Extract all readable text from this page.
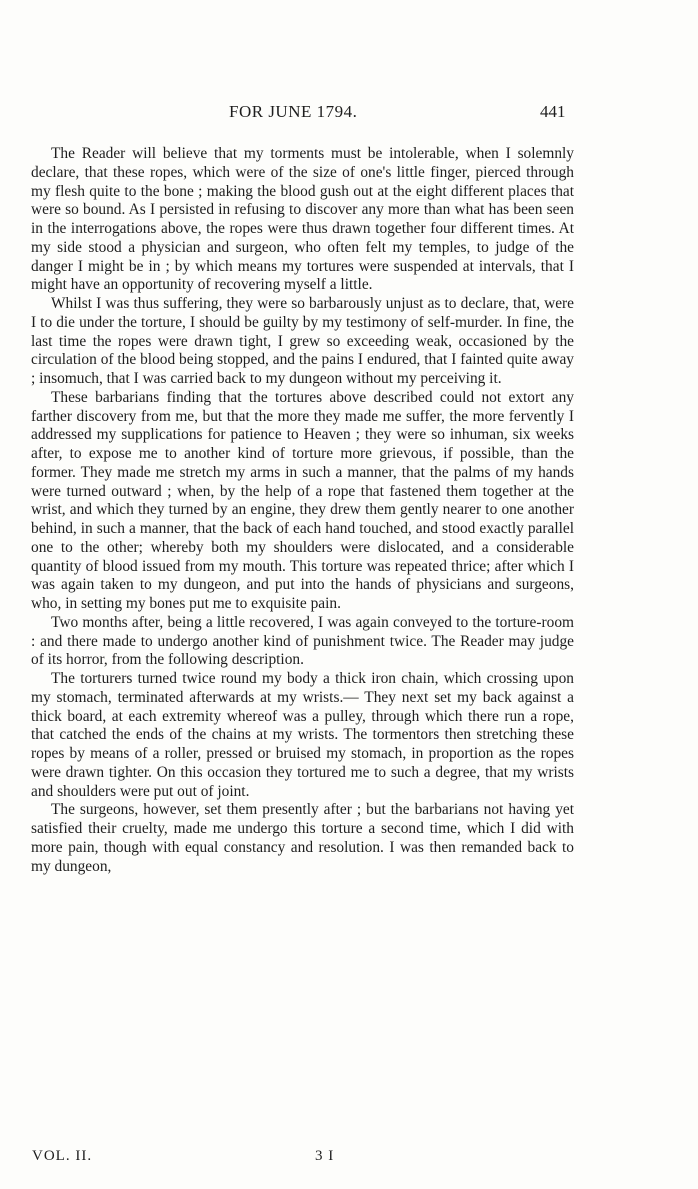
FOR JUNE 1794.	441

The Reader will believe that my torments must be intolerable, when I solemnly declare, that these ropes, which were of the size of one's little finger, pierced through my flesh quite to the bone ; making the blood gush out at the eight different places that were so bound. As I persisted in refusing to discover any more than what has been seen in the interrogations above, the ropes were thus drawn together four different times. At my side stood a physician and surgeon, who often felt my temples, to judge of the danger I might be in ; by which means my tortures were suspended at intervals, that I might have an opportunity of recovering myself a little.

Whilst I was thus suffering, they were so barbarously unjust as to declare, that, were I to die under the torture, I should be guilty by my testimony of self-murder. In fine, the last time the ropes were drawn tight, I grew so exceeding weak, occasioned by the circulation of the blood being stopped, and the pains I endured, that I fainted quite away ; insomuch, that I was carried back to my dungeon without my perceiving it.

These barbarians finding that the tortures above described could not extort any farther discovery from me, but that the more they made me suffer, the more fervently I addressed my supplications for patience to Heaven ; they were so inhuman, six weeks after, to expose me to another kind of torture more grievous, if possible, than the former. They made me stretch my arms in such a manner, that the palms of my hands were turned outward ; when, by the help of a rope that fastened them together at the wrist, and which they turned by an engine, they drew them gently nearer to one another behind, in such a manner, that the back of each hand touched, and stood exactly parallel one to the other; whereby both my shoulders were dislocated, and a considerable quantity of blood issued from my mouth. This torture was repeated thrice; after which I was again taken to my dungeon, and put into the hands of physicians and surgeons, who, in setting my bones put me to exquisite pain.

Two months after, being a little recovered, I was again conveyed to the torture-room : and there made to undergo another kind of punishment twice. The Reader may judge of its horror, from the following description.

The torturers turned twice round my body a thick iron chain, which crossing upon my stomach, terminated afterwards at my wrists.— They next set my back against a thick board, at each extremity whereof was a pulley, through which there run a rope, that catched the ends of the chains at my wrists. The tormentors then stretching these ropes by means of a roller, pressed or bruised my stomach, in proportion as the ropes were drawn tighter. On this occasion they tortured me to such a degree, that my wrists and shoulders were put out of joint.

The surgeons, however, set them presently after ; but the barbarians not having yet satisfied their cruelty, made me undergo this torture a second time, which I did with more pain, though with equal constancy and resolution. I was then remanded back to my dungeon,

VOL. II.	3 I
